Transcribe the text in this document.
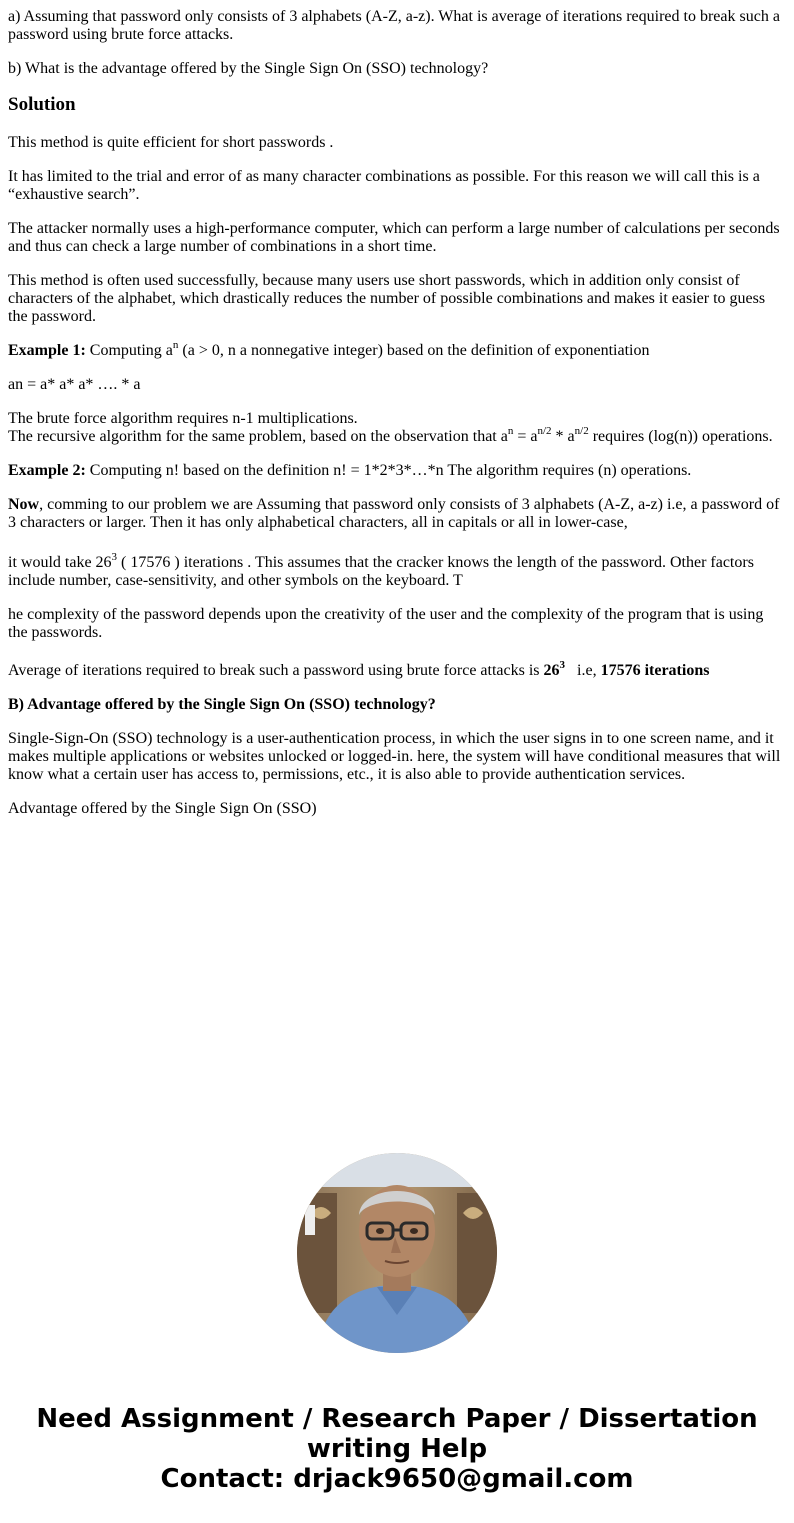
a) Assuming that password only consists of 3 alphabets (A-Z, a-z). What is average of iterations required to break such a password using brute force attacks.

b) What is the advantage offered by the Single Sign On (SSO) technology?

Solution

This method is quite efficient for short passwords .

It has limited to the trial and error of as many character combinations as possible. For this reason we will call this is a “exhaustive search”.

The attacker normally uses a high-performance computer, which can perform a large number of calculations per seconds and thus can check a large number of combinations in a short time.

This method is often used successfully, because many users use short passwords, which in addition only consist of characters of the alphabet, which drastically reduces the number of possible combinations and makes it easier to guess the password.

Example 1: Computing $a^n$ (a > 0, n a nonnegative integer) based on the definition of exponentiation

an = a* a* a* …. * a

The brute force algorithm requires n-1 multiplications.
The recursive algorithm for the same problem, based on the observation that $a^n = a^{n/2} * a^{n/2}$ requires (log(n)) operations.

Example 2: Computing n! based on the definition n! = 1*2*3*…*n The algorithm requires (n) operations.

Now, comming to our problem we are Assuming that password only consists of 3 alphabets (A-Z, a-z) i.e, a password of 3 characters or larger. Then it has only alphabetical characters, all in capitals or all in lower-case,

it would take $26^3$ ( 17576 ) iterations . This assumes that the cracker knows the length of the password. Other factors include number, case-sensitivity, and other symbols on the keyboard. T

he complexity of the password depends upon the creativity of the user and the complexity of the program that is using the passwords.

Average of iterations required to break such a password using brute force attacks is $26^3$   i.e, 17576 iterations

B) Advantage offered by the Single Sign On (SSO) technology?

Single-Sign-On (SSO) technology is a user-authentication process, in which the user signs in to one screen name, and it makes multiple applications or websites unlocked or logged-in. here, the system will have conditional measures that will know what a certain user has access to, permissions, etc., it is also able to provide authentication services.

Advantage offered by the Single Sign On (SSO)

Need Assignment / Research Paper / Dissertation
writing Help
Contact: drjack9650@gmail.com
